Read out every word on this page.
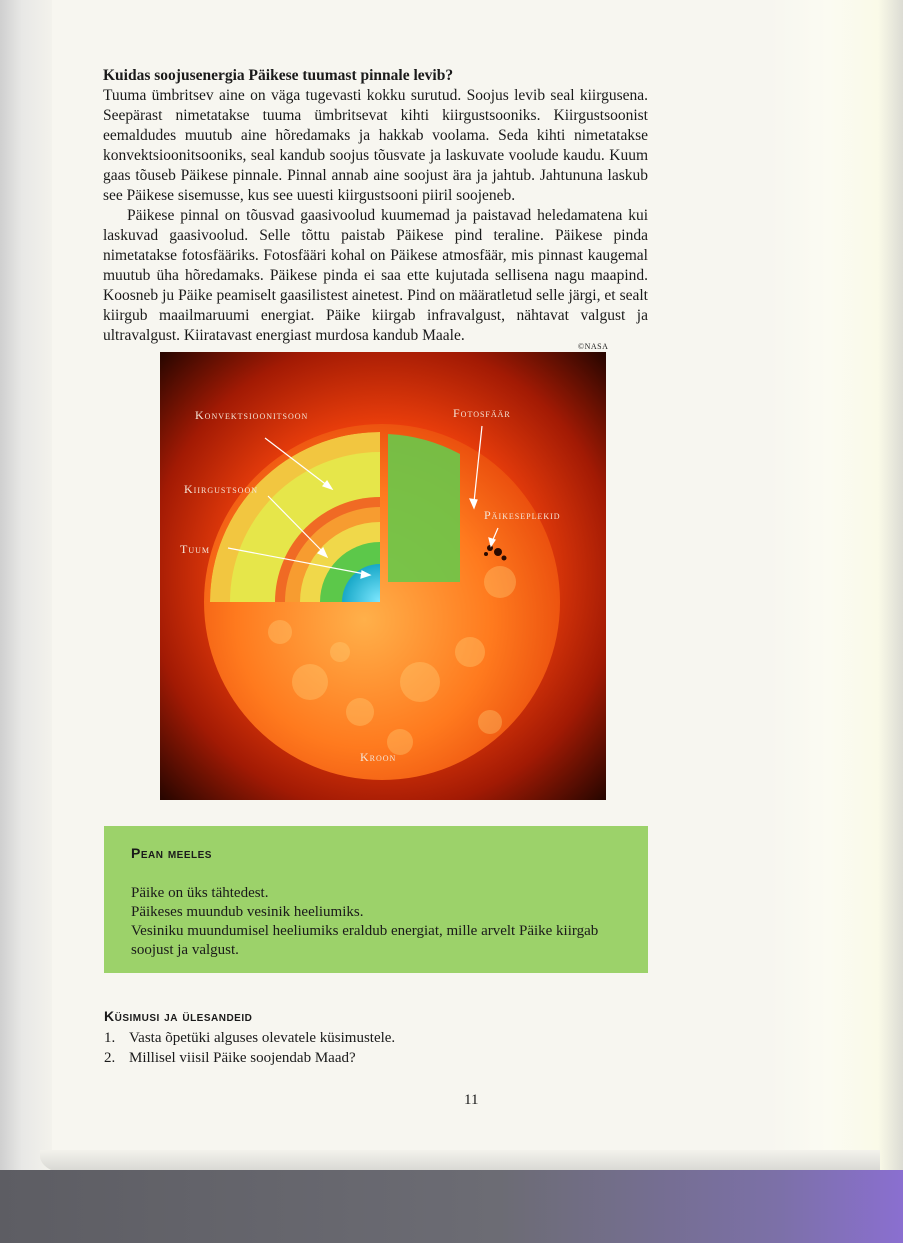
Kuidas soojusenergia Päikese tuumast pinnale levib?

Tuuma ümbritsev aine on väga tugevasti kokku surutud. Soojus levib seal kiirgusena. Seepärast nimetatakse tuuma ümbritsevat kihti kiirgustsooniks. Kiirgustsoonist eemaldudes muutub aine hõredamaks ja hakkab voolama. Seda kihti nimetatakse konvektsioonitsooniks, seal kandub soojus tõusvate ja laskuvate voolude kaudu. Kuum gaas tõuseb Päikese pinnale. Pinnal annab aine soojust ära ja jahtub. Jahtununa laskub see Päikese sisemusse, kus see uuesti kiirgustsooni piiril soojeneb.

Päikese pinnal on tõusvad gaasivoolud kuumemad ja paistavad heledamatena kui laskuvad gaasivoolud. Selle tõttu paistab Päikese pind teraline. Päikese pinda nimetatakse fotosfääriks. Fotosfääri kohal on Päikese atmosfäär, mis pinnast kaugemal muutub üha hõredamaks. Päikese pinda ei saa ette kujutada sellisena nagu maapind. Koosneb ju Päike peamiselt gaasilistest ainetest. Pind on määratletud selle järgi, et sealt kiirgub maailmaruumi energiat. Päike kiirgab infravalgust, nähtavat valgust ja ultravalgust. Kiiratavast energiast murdosa kandub Maale.

©NASA
Konvektsioonitsoon
Kiirgustsoon
Tuum
Fotosfäär
Päikeseplekid
Kroon

Pean meeles

Päike on üks tähtedest.
Päikeses muundub vesinik heeliumiks.
Vesiniku muundumisel heeliumiks eraldub energiat, mille arvelt Päike kiirgab soojust ja valgust.

Küsimusi ja ülesandeid

1. Vasta õpetüki alguses olevatele küsimustele.
2. Millisel viisil Päike soojendab Maad?
11
